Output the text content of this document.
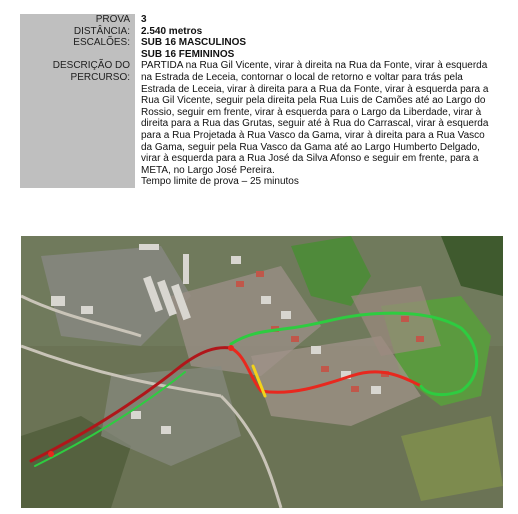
PROVA	3
DISTÂNCIA:	2.540 metros
ESCALÕES:	SUB 16 MASCULINOS
	SUB 16 FEMININOS
DESCRIÇÃO DO
PERCURSO:	PARTIDA na Rua Gil Vicente, virar à direita na Rua da Fonte, virar à esquerda na Estrada de Leceia, contornar o local de retorno e voltar para trás pela Estrada de Leceia, virar à direita para a Rua da Fonte, virar à esquerda para a Rua Gil Vicente, seguir pela direita pela Rua Luis de Camões até ao Largo do Rossio, seguir em frente, virar à esquerda para o Largo da Liberdade, virar à direita para a Rua das Grutas, seguir até à Rua do Carrascal, virar à esquerda para a Rua Projetada à Rua Vasco da Gama, virar à direita para a Rua Vasco da Gama, seguir pela Rua Vasco da Gama até ao Largo Humberto Delgado, virar à esquerda para a Rua José da Silva Afonso e seguir em frente, para a META, no Largo José Pereira.
Tempo limite de prova – 25 minutos
